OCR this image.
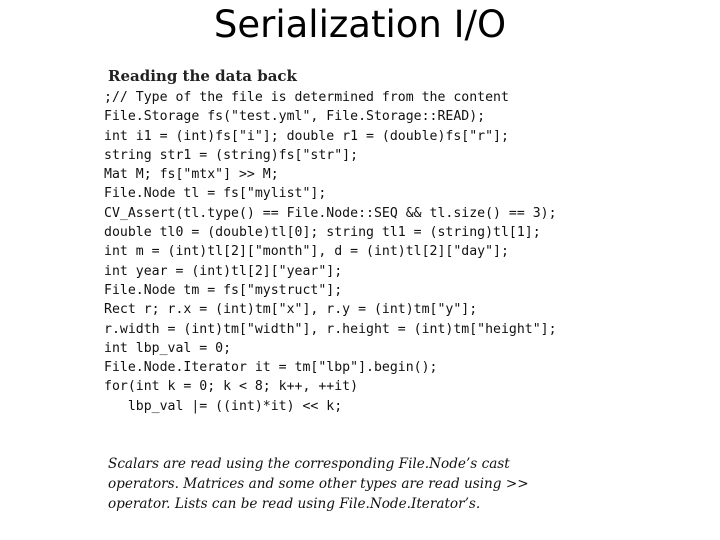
Serialization I/O
Reading the data back
;// Type of the file is determined from the content
File.Storage fs("test.yml", File.Storage::READ);
int i1 = (int)fs["i"]; double r1 = (double)fs["r"];
string str1 = (string)fs["str"];
Mat M; fs["mtx"] >> M;
File.Node tl = fs["mylist"];
CV_Assert(tl.type() == File.Node::SEQ && tl.size() == 3);
double tl0 = (double)tl[0]; string tl1 = (string)tl[1];
int m = (int)tl[2]["month"], d = (int)tl[2]["day"];
int year = (int)tl[2]["year"];
File.Node tm = fs["mystruct"];
Rect r; r.x = (int)tm["x"], r.y = (int)tm["y"];
r.width = (int)tm["width"], r.height = (int)tm["height"];
int lbp_val = 0;
File.Node.Iterator it = tm["lbp"].begin();
for(int k = 0; k < 8; k++, ++it)
lbp_val |= ((int)*it) << k;
Scalars are read using the corresponding File.Node’s cast
operators. Matrices and some other types are read using >>
operator. Lists can be read using File.Node.Iterator’s.
